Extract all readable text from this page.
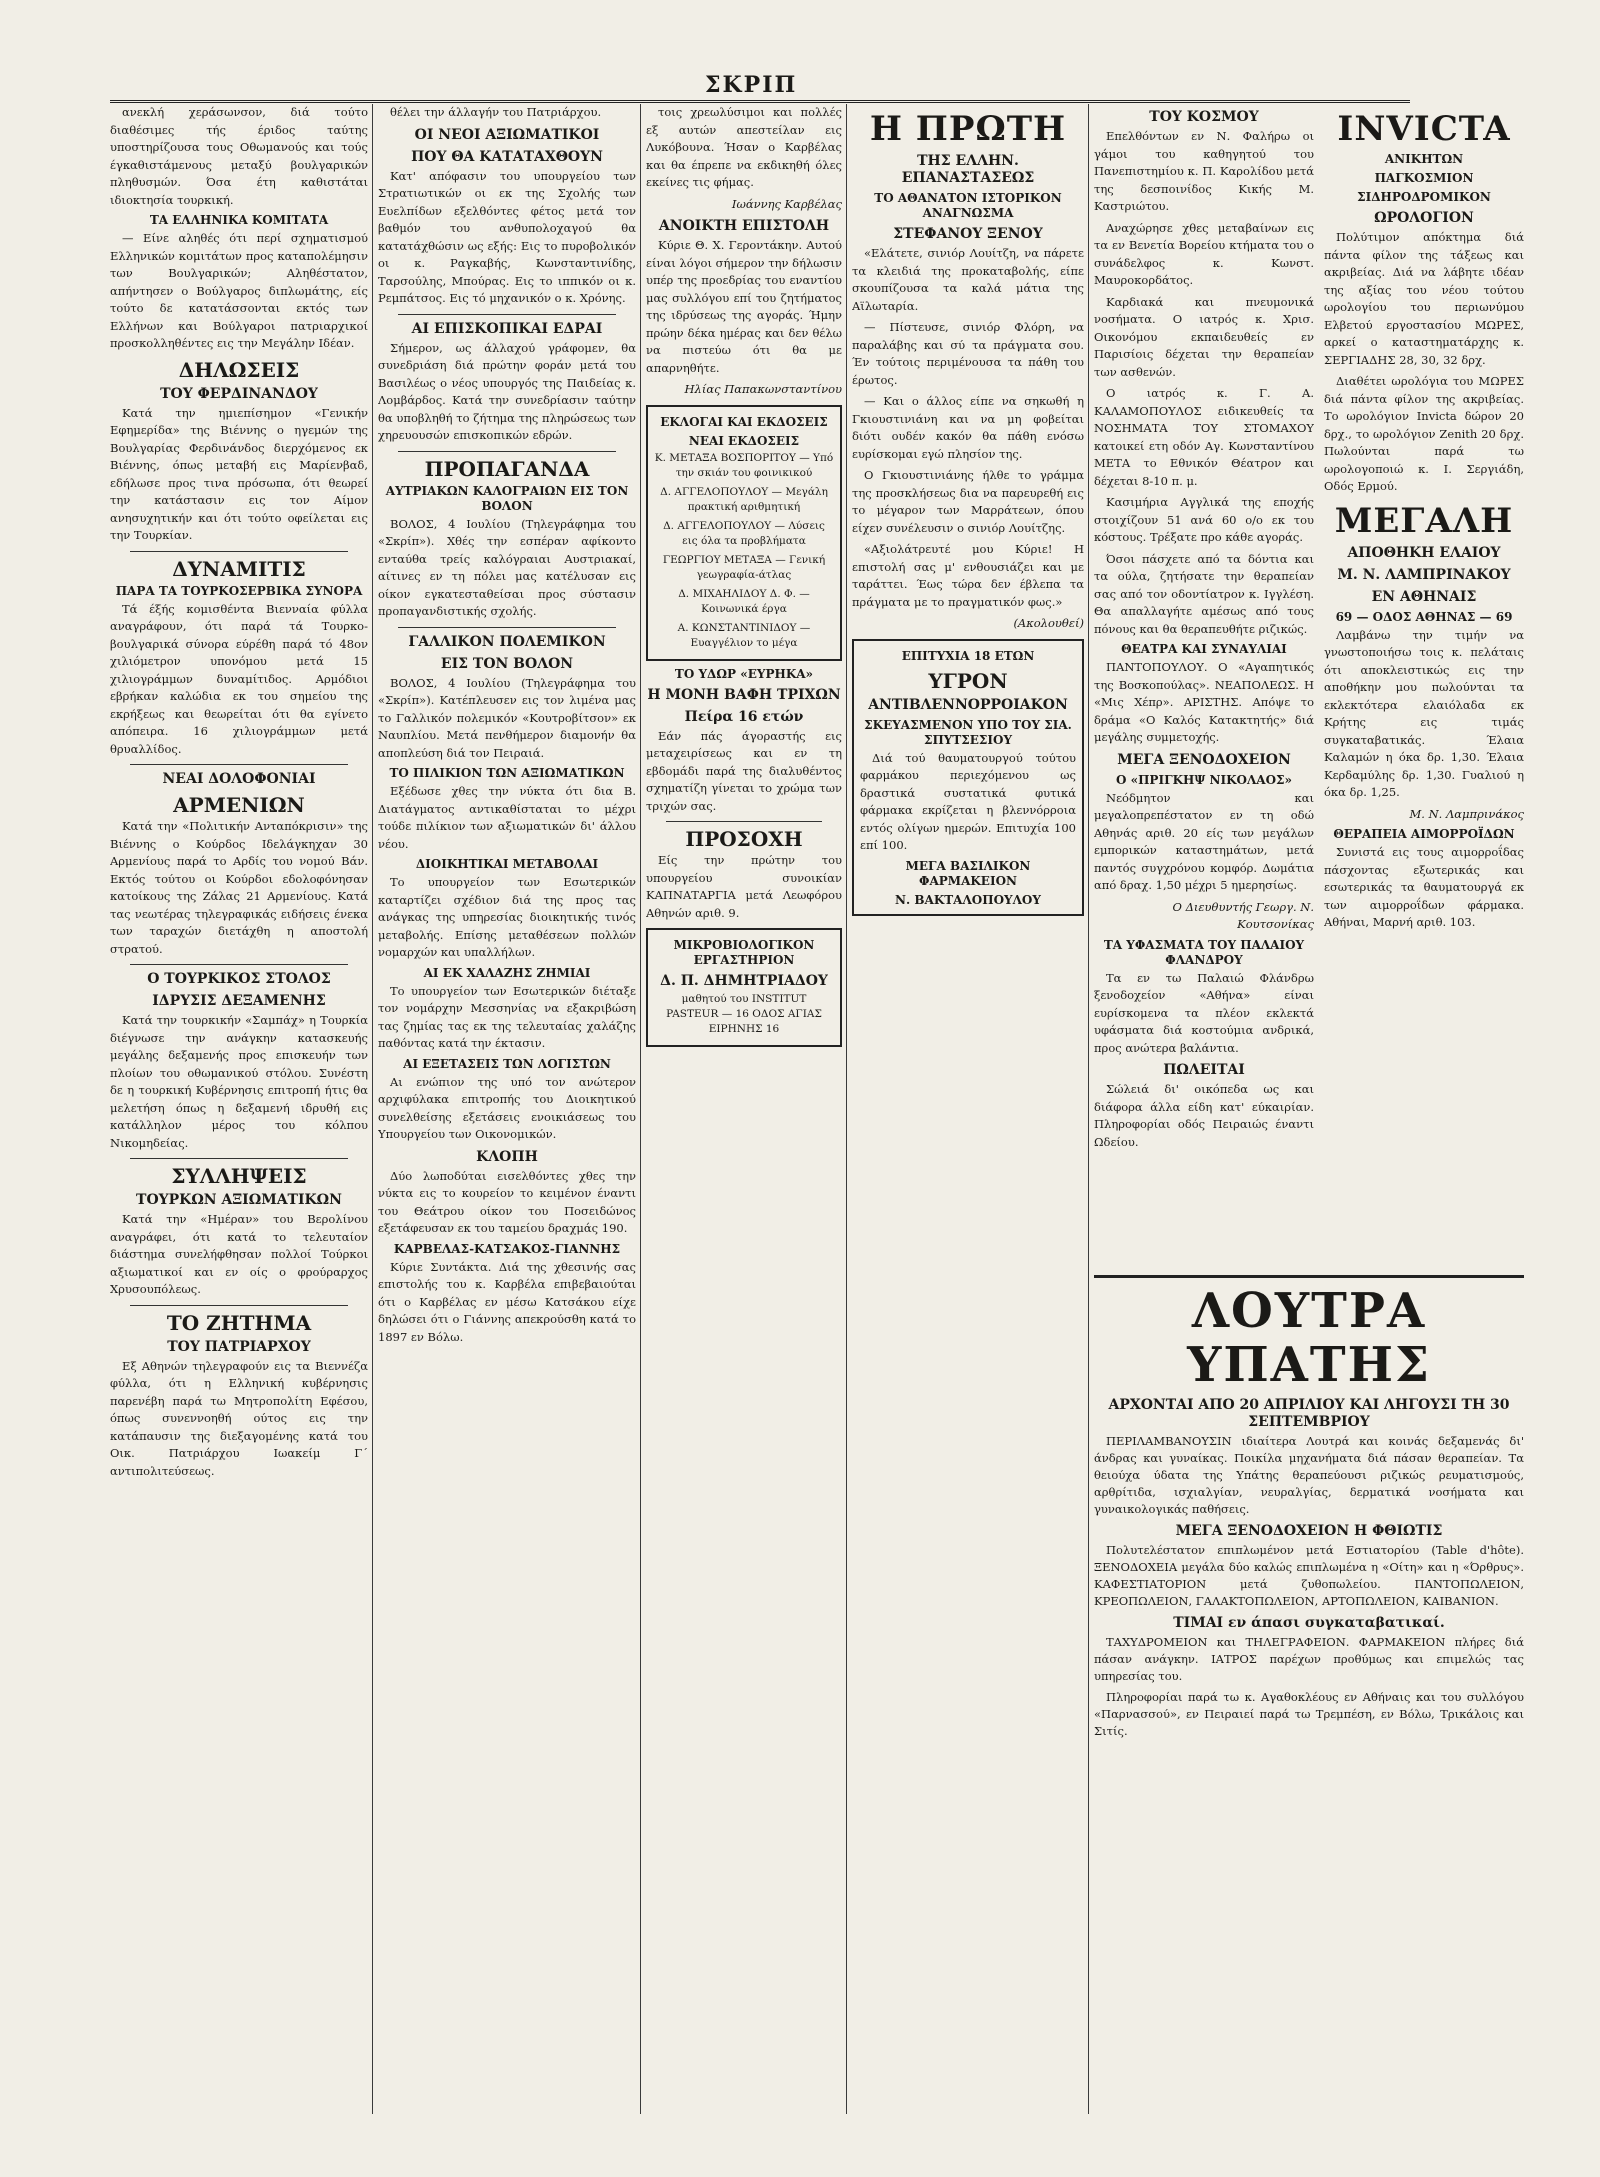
ΣΚΡΙΠ

ανεκλή χεράσωνσον, διά τούτο διαθέσιμες τής έριδος ταύτης υποστηρίζουσα τους Οθωμανούς και τούς έγκαθιστάμενους μεταξύ βουλγαρικών πληθυσμών. Όσα έτη καθιστάται ιδιοκτησία τουρκική.

ΤΑ ΕΛΛΗΝΙΚΑ ΚΟΜΙΤΑΤΑ

— Είνε αληθές ότι περί σχηματισμού Ελληνικών κομιτάτων προς καταπολέμησιν των Βουλγαρικών; Αληθέστατον, απήντησεν ο Βούλγαρος διπλωμάτης, είς τούτο δε κατατάσσονται εκτός των Ελλήνων και Βούλγαροι πατριαρχικοί προσκολληθέντες εις την Μεγάλην Ιδέαν.

ΔΗΛΩΣΕΙΣ
ΤΟΥ ΦΕΡΔΙΝΑΝΔΟΥ

Κατά την ημιεπίσημον «Γενικήν Εφημερίδα» της Βιέννης ο ηγεμών της Βουλγαρίας Φερδινάνδος διερχόμενος εκ Βιέννης, όπως μεταβή εις Μαρίενβαδ, εδήλωσε προς τινα πρόσωπα, ότι θεωρεί την κατάστασιν εις τον Αίμον ανησυχητικήν και ότι τούτο οφείλεται εις την Τουρκίαν.

ΔΥΝΑΜΙΤΙΣ
ΠΑΡΑ ΤΑ ΤΟΥΡΚΟΣΕΡΒΙΚΑ ΣΥΝΟΡΑ

Τά έξής κομισθέντα Βιενναία φύλλα αναγράφουν, ότι παρά τά Τουρκο-βουλγαρικά σύνορα εύρέθη παρά τό 48ον χιλιόμετρον υπονόμου μετά 15 χιλιογράμμων δυναμίτιδος. Αρμόδιοι εβρήκαν καλώδια εκ του σημείου της εκρήξεως και θεωρείται ότι θα εγίνετο απόπειρα. 16 χιλιογράμμων μετά θρυαλλίδος.

ΝΕΑΙ ΔΟΛΟΦΟΝΙΑΙ
ΑΡΜΕΝΙΩΝ

Κατά την «Πολιτικήν Ανταπόκρισιν» της Βιέννης ο Κούρδος Ιδελάγκηχαν 30 Αρμενίους παρά το Αρδίς του νομού Βάν. Εκτός τούτου οι Κούρδοι εδολοφόνησαν κατοίκους της Ζάλας 21 Αρμενίους. Κατά τας νεωτέρας τηλεγραφικάς ειδήσεις ένεκα των ταραχών διετάχθη η αποστολή στρατού.

Ο ΤΟΥΡΚΙΚΟΣ ΣΤΟΛΟΣ
ΙΔΡΥΣΙΣ ΔΕΞΑΜΕΝΗΣ

Κατά την τουρκικήν «Σαμπάχ» η Τουρκία διέγνωσε την ανάγκην κατασκευής μεγάλης δεξαμενής προς επισκευήν των πλοίων του οθωμανικού στόλου. Συνέστη δε η τουρκική Κυβέρνησις επιτροπή ήτις θα μελετήση όπως η δεξαμενή ιδρυθή εις κατάλληλον μέρος του κόλπου Νικομηδείας.

ΣΥΛΛΗΨΕΙΣ
ΤΟΥΡΚΩΝ ΑΞΙΩΜΑΤΙΚΩΝ

Κατά την «Ημέραν» του Βερολίνου αναγράφει, ότι κατά το τελευταίον διάστημα συνελήφθησαν πολλοί Τούρκοι αξιωματικοί και εν οίς ο φρούραρχος Χρυσουπόλεως.

ΤΟ ΖΗΤΗΜΑ
ΤΟΥ ΠΑΤΡΙΑΡΧΟΥ

Εξ Αθηνών τηλεγραφούν εις τα Βιεννέζα φύλλα, ότι η Ελληνική κυβέρνησις παρενέβη παρά τω Μητροπολίτη Εφέσου, όπως συνεννοηθή ούτος εις την κατάπαυσιν της διεξαγομένης κατά του Οικ. Πατριάρχου Ιωακείμ Γ΄ αντιπολιτεύσεως.

θέλει την άλλαγήν του Πατριάρχου.

ΟΙ ΝΕΟΙ ΑΞΙΩΜΑΤΙΚΟΙ
ΠΟΥ ΘΑ ΚΑΤΑΤΑΧΘΟΥΝ

Κατ' απόφασιν του υπουργείου των Στρατιωτικών οι εκ της Σχολής των Ευελπίδων εξελθόντες φέτος μετά τον βαθμόν του ανθυπολοχαγού θα κατατάχθώσιν ως εξής: Εις το πυροβολικόν οι κ. Ραγκαβής, Κωνσταντινίδης, Ταρσούλης, Μπούρας. Εις το ιππικόν οι κ. Ρεμπάτσος. Εις τό μηχανικόν ο κ. Χρόνης.

ΑΙ ΕΠΙΣΚΟΠΙΚΑΙ ΕΔΡΑΙ

Σήμερον, ως άλλαχού γράφομεν, θα συνεδριάση διά πρώτην φοράν μετά του Βασιλέως ο νέος υπουργός της Παιδείας κ. Λομβάρδος. Κατά την συνεδρίασιν ταύτην θα υποβληθή το ζήτημα της πληρώσεως των χηρευουσών επισκοπικών εδρών.

ΠΡΟΠΑΓΑΝΔΑ
ΑΥΤΡΙΑΚΩΝ ΚΑΛΟΓΡΑΙΩΝ ΕΙΣ ΤΟΝ ΒΟΛΟΝ

ΒΟΛΟΣ, 4 Ιουλίου (Τηλεγράφημα του «Σκρίπ»). Χθές την εσπέραν αφίκοντο ενταύθα τρείς καλόγραιαι Αυστριακαί, αίτινες εν τη πόλει μας κατέλυσαν εις οίκον εγκατεσταθείσαι προς σύστασιν προπαγανδιστικής σχολής.

ΓΑΛΛΙΚΟΝ ΠΟΛΕΜΙΚΟΝ
ΕΙΣ ΤΟΝ ΒΟΛΟΝ

ΒΟΛΟΣ, 4 Ιουλίου (Τηλεγράφημα του «Σκρίπ»). Κατέπλευσεν εις τον λιμένα μας το Γαλλικόν πολεμικόν «Κουτροβίτσον» εκ Ναυπλίου. Μετά πενθήμερον διαμονήν θα αποπλεύση διά τον Πειραιά.

ΤΟ ΠΙΛΙΚΙΟΝ ΤΩΝ ΑΞΙΩΜΑΤΙΚΩΝ

Εξέδωσε χθες την νύκτα ότι δια Β. Διατάγματος αντικαθίσταται το μέχρι τούδε πιλίκιον των αξιωματικών δι' άλλου νέου.

ΔΙΟΙΚΗΤΙΚΑΙ ΜΕΤΑΒΟΛΑΙ

Το υπουργείον των Εσωτερικών καταρτίζει σχέδιον διά της προς τας ανάγκας της υπηρεσίας διοικητικής τινός μεταβολής. Επίσης μεταθέσεων πολλών νομαρχών και υπαλλήλων.

ΑΙ ΕΚ ΧΑΛΑΖΗΣ ΖΗΜΙΑΙ

Το υπουργείον των Εσωτερικών διέταξε τον νομάρχην Μεσσηνίας να εξακριβώση τας ζημίας τας εκ της τελευταίας χαλάζης παθόντας κατά την έκτασιν.

ΑΙ ΕΞΕΤΑΣΕΙΣ ΤΩΝ ΛΟΓΙΣΤΩΝ

Αι ενώπιον της υπό τον ανώτερον αρχιφύλακα επιτροπής του Διοικητικού συνελθείσης εξετάσεις ενοικιάσεως του Υπουργείου των Οικονομικών.

ΚΛΟΠΗ

Δύο λωποδύται εισελθόντες χθες την νύκτα εις το κουρείον το κειμένον έναντι του Θεάτρου οίκον του Ποσειδώνος εξετάφευσαν εκ του ταμείου δραχμάς 190.

ΚΑΡΒΕΛΑΣ-ΚΑΤΣΑΚΟΣ-ΓΙΑΝΝΗΣ

Κύριε Συντάκτα. Διά της χθεσινής σας επιστολής του κ. Καρβέλα επιβεβαιούται ότι ο Καρβέλας εν μέσω Κατσάκου είχε δηλώσει ότι ο Γιάννης απεκρούσθη κατά το 1897 εν Βόλω.

τοις χρεωλύσιμοι και πολλές εξ αυτών απεστείλαν εις Λυκόβουνα. Ήσαν ο Καρβέλας και θα έπρεπε να εκδικηθή όλες εκείνες τις φήμας.

Ιωάννης Καρβέλας

ΑΝΟΙΚΤΗ ΕΠΙΣΤΟΛΗ

Κύριε Θ. Χ. Γεροντάκην. Αυτού είναι λόγοι σήμερον την δήλωσιν υπέρ της προεδρίας του εναντίου μας συλλόγου επί του ζητήματος της ιδρύσεως της αγοράς. Ήμην πρώην δέκα ημέρας και δεν θέλω να πιστεύω ότι θα με απαρνηθήτε.

Ηλίας Παπακωνσταντίνου

ΕΚΛΟΓΑΙ ΚΑΙ ΕΚΔΟΣΕΙΣ
ΝΕΑΙ ΕΚΔΟΣΕΙΣ

Κ. ΜΕΤΑΞΑ ΒΟΣΠΟΡΙΤΟΥ — Υπό την σκιάν του φοινικικού

Δ. ΑΓΓΕΛΟΠΟΥΛΟΥ — Μεγάλη πρακτική αριθμητική

Δ. ΑΓΓΕΛΟΠΟΥΛΟΥ — Λύσεις εις όλα τα προβλήματα

ΓΕΩΡΓΙΟΥ ΜΕΤΑΞΑ — Γενική γεωγραφία-άτλας

Δ. ΜΙΧΑΗΛΙΔΟΥ Δ. Φ. — Κοινωνικά έργα

Α. ΚΩΝΣΤΑΝΤΙΝΙΔΟΥ — Ευαγγέλιον το μέγα

ΤΟ ΥΔΩΡ «ΕΥΡΗΚΑ»
Η ΜΟΝΗ ΒΑΦΗ ΤΡΙΧΩΝ
Πείρα 16 ετών

Εάν πάς άγοραστής εις μεταχειρίσεως και εν τη εβδομάδι παρά της διαλυθέντος σχηματίζη γίνεται το χρώμα των τριχών σας.

ΠΡΟΣΟΧΗ

Είς την πρώτην του υπουργείου συνοικίαν ΚΑΠΝΑΤΑΡΓΙΑ μετά Λεωφόρου Αθηνών αριθ. 9.

ΜΙΚΡΟΒΙΟΛΟΓΙΚΟΝ ΕΡΓΑΣΤΗΡΙΟΝ
Δ. Π. ΔΗΜΗΤΡΙΑΔΟΥ

μαθητού του INSTITUT PASTEUR — 16 ΟΔΟΣ ΑΓΙΑΣ ΕΙΡΗΝΗΣ 16

Η ΠΡΩΤΗ
ΤΗΣ ΕΛΛΗΝ. ΕΠΑΝΑΣΤΑΣΕΩΣ
ΤΟ ΑΘΑΝΑΤΟΝ ΙΣΤΟΡΙΚΟΝ ΑΝΑΓΝΩΣΜΑ
ΣΤΕΦΑΝΟΥ ΞΕΝΟΥ

«Ελάτετε, σινιόρ Λουίτζη, να πάρετε τα κλειδιά της προκαταβολής, είπε σκουπίζουσα τα καλά μάτια της Αϊλωταρία.

— Πίστευσε, σινιόρ Φλόρη, να παραλάβης και σύ τα πράγματα σου. Έν τούτοις περιμένουσα τα πάθη του έρωτος.

— Και ο άλλος είπε να σηκωθή η Γκιουστινιάνη και να μη φοβείται διότι ουδέν κακόν θα πάθη ενόσω ευρίσκομαι εγώ πλησίον της.

Ο Γκιουστινιάνης ήλθε το γράμμα της προσκλήσεως δια να παρευρεθή εις το μέγαρον των Μαρράτεων, όπου είχεν συνέλευσιν ο σινιόρ Λουίτζης.

«Αξιολάτρευτέ μου Κύριε! Η επιστολή σας μ' ενθουσιάζει και με ταράττει. Έως τώρα δεν έβλεπα τα πράγματα με το πραγματικόν φως.»

(Ακολουθεί)

ΕΠΙΤΥΧΙΑ 18 ΕΤΩΝ
ΥΓΡΟΝ
ΑΝΤΙΒΛΕΝΝΟΡΡΟΙΑΚΟΝ
ΣΚΕΥΑΣΜΕΝΟΝ ΥΠΟ ΤΟΥ ΣΙΑ. ΣΠΥΤΣΕΣΙΟΥ

Διά τού θαυματουργού τούτου φαρμάκου περιεχόμενου ως δραστικά συστατικά φυτικά φάρμακα εκρίζεται η βλεννόρροια εντός ολίγων ημερών. Επιτυχία 100 επί 100.

ΜΕΓΑ ΒΑΣΙΛΙΚΟΝ ΦΑΡΜΑΚΕΙΟΝ
Ν. ΒΑΚΤΑΛΟΠΟΥΛΟΥ
ΤΟΥ ΚΟΣΜΟΥ

Επελθόντων εν Ν. Φαλήρω οι γάμοι του καθηγητού του Πανεπιστημίου κ. Π. Καρολίδου μετά της δεσποινίδος Κικής Μ. Καστριώτου.

Αναχώρησε χθες μεταβαίνων εις τα εν Βενετία Βορείου κτήματα του ο συνάδελφος κ. Κωνστ. Μαυροκορδάτος.

Καρδιακά και πνευμονικά νοσήματα. Ο ιατρός κ. Χρισ. Οικονόμου εκπαιδευθείς εν Παρισίοις δέχεται την θεραπείαν των ασθενών.

Ο ιατρός κ. Γ. Α. ΚΑΛΑΜΟΠΟΥΛΟΣ ειδικευθείς τα ΝΟΣΗΜΑΤΑ ΤΟΥ ΣΤΟΜΑΧΟΥ κατοικεί ετη οδόν Αγ. Κωνσταντίνου ΜΕΤΑ το Εθνικόν Θέατρον και δέχεται 8-10 π. μ.

Κασιμήρια Αγγλικά της εποχής στοιχίζουν 51 ανά 60 ο/ο εκ του κόστους. Τρέξατε προ κάθε αγοράς.

Όσοι πάσχετε από τα δόντια και τα ούλα, ζητήσατε την θεραπείαν σας από τον οδοντίατρον κ. Ιγγλέση. Θα απαλλαγήτε αμέσως από τους πόνους και θα θεραπευθήτε ριζικώς.

ΘΕΑΤΡΑ ΚΑΙ ΣΥΝΑΥΛΙΑΙ

ΠΑΝΤΟΠΟΥΛΟΥ. Ο «Αγαπητικός της Βοσκοπούλας». ΝΕΑΠΟΛΕΩΣ. Η «Μις Χέπρ». ΑΡΙΣΤΗΣ. Απόψε το δράμα «Ο Καλός Κατακτητής» διά μεγάλης συμμετοχής.

ΜΕΓΑ ΞΕΝΟΔΟΧΕΙΟΝ
Ο «ΠΡΙΓΚΗΨ ΝΙΚΟΛΑΟΣ»

Νεόδμητον και μεγαλοπρεπέστατον εν τη οδώ Αθηνάς αριθ. 20 είς των μεγάλων εμπορικών καταστημάτων, μετά παντός συγχρόνου κομφόρ. Δωμάτια από δραχ. 1,50 μέχρι 5 ημερησίως.

Ο Διευθυντής Γεωργ. Ν. Κουτσονίκας

ΤΑ ΥΦΑΣΜΑΤΑ ΤΟΥ ΠΑΛΑΙΟΥ ΦΛΑΝΔΡΟΥ

Τα εν τω Παλαιώ Φλάνδρω ξενοδοχείον «Αθήνα» είναι ευρίσκομενα τα πλέον εκλεκτά υφάσματα διά κοστούμια ανδρικά, προς ανώτερα βαλάντια.

ΠΩΛΕΙΤΑΙ

Σώλειά δι' οικόπεδα ως και διάφορα άλλα είδη κατ' εύκαιρίαν. Πληροφορίαι οδός Πειραιώς έναντι Ωδείου.

INVICTA
ΑΝΙΚΗΤΩΝ
ΠΑΓΚΟΣΜΙΟΝ
ΣΙΔΗΡΟΔΡΟΜΙΚΟΝ
ΩΡΟΛΟΓΙΟΝ

Πολύτιμον απόκτημα διά πάντα φίλον της τάξεως και ακριβείας. Διά να λάβητε ιδέαν της αξίας του νέου τούτου ωρολογίου του περιωνύμου Ελβετού εργοστασίου ΜΩΡΕΣ, αρκεί ο καταστηματάρχης κ. ΣΕΡΓΙΑΔΗΣ 28, 30, 32 δρχ.

Διαθέτει ωρολόγια του ΜΩΡΕΣ διά πάντα φίλον της ακριβείας. Το ωρολόγιον Invicta δώρον 20 δρχ., το ωρολόγιον Zenith 20 δρχ. Πωλούνται παρά τω ωρολογοποιώ κ. Ι. Σεργιάδη, Οδός Ερμού.

ΜΕΓΑΛΗ
ΑΠΟΘΗΚΗ ΕΛΑΙΟΥ
Μ. Ν. ΛΑΜΠΡΙΝΑΚΟΥ
ΕΝ ΑΘΗΝΑΙΣ
69 — ΟΔΟΣ ΑΘΗΝΑΣ — 69

Λαμβάνω την τιμήν να γνωστοποιήσω τοις κ. πελάταις ότι αποκλειστικώς εις την αποθήκην μου πωλούνται τα εκλεκτότερα ελαιόλαδα εκ Κρήτης εις τιμάς συγκαταβατικάς. Έλαια Καλαμών η όκα δρ. 1,30. Έλαια Κερδαμύλης δρ. 1,30. Γυαλιού η όκα δρ. 1,25.

Μ. Ν. Λαμπρινάκος

ΘΕΡΑΠΕΙΑ ΑΙΜΟΡΡΟΪΔΩΝ

Συνιστά εις τους αιμορροΐδας πάσχοντας εξωτερικάς και εσωτερικάς τα θαυματουργά εκ των αιμορροΐδων φάρμακα. Αθήναι, Μαρνή αριθ. 103.

ΛΟΥΤΡΑ ΥΠΑΤΗΣ
ΑΡΧΟΝΤΑΙ ΑΠΟ 20 ΑΠΡΙΛΙΟΥ ΚΑΙ ΛΗΓΟΥΣΙ ΤΗ 30 ΣΕΠΤΕΜΒΡΙΟΥ

ΠΕΡΙΛΑΜΒΑΝΟΥΣΙΝ ιδιαίτερα Λουτρά και κοινάς δεξαμενάς δι' άνδρας και γυναίκας. Ποικίλα μηχανήματα διά πάσαν θεραπείαν. Τα θειούχα ύδατα της Υπάτης θεραπεύουσι ριζικώς ρευματισμούς, αρθρίτιδα, ισχιαλγίαν, νευραλγίας, δερματικά νοσήματα και γυναικολογικάς παθήσεις.

ΜΕΓΑ ΞΕΝΟΔΟΧΕΙΟΝ Η ΦΘΙΩΤΙΣ

Πολυτελέστατον επιπλωμένον μετά Εστιατορίου (Table d'hôte). ΞΕΝΟΔΟΧΕΙΑ μεγάλα δύο καλώς επιπλωμένα η «Οίτη» και η «Όρθρυς». ΚΑΦΕΣΤΙΑΤΟΡΙΟΝ μετά ζυθοπωλείου. ΠΑΝΤΟΠΩΛΕΙΟΝ, ΚΡΕΟΠΩΛΕΙΟΝ, ΓΑΛΑΚΤΟΠΩΛΕΙΟΝ, ΑΡΤΟΠΩΛΕΙΟΝ, ΚΑΙΒΑΝΙΟΝ.

ΤΙΜΑΙ εν άπασι συγκαταβατικαί.

ΤΑΧΥΔΡΟΜΕΙΟΝ και ΤΗΛΕΓΡΑΦΕΙΟΝ. ΦΑΡΜΑΚΕΙΟΝ πλήρες διά πάσαν ανάγκην. ΙΑΤΡΟΣ παρέχων προθύμως και επιμελώς τας υπηρεσίας του.

Πληροφορίαι παρά τω κ. Αγαθοκλέους εν Αθήναις και του συλλόγου «Παρνασσού», εν Πειραιεί παρά τω Τρεμπέση, εν Βόλω, Τρικάλοις και Σιτίς.
